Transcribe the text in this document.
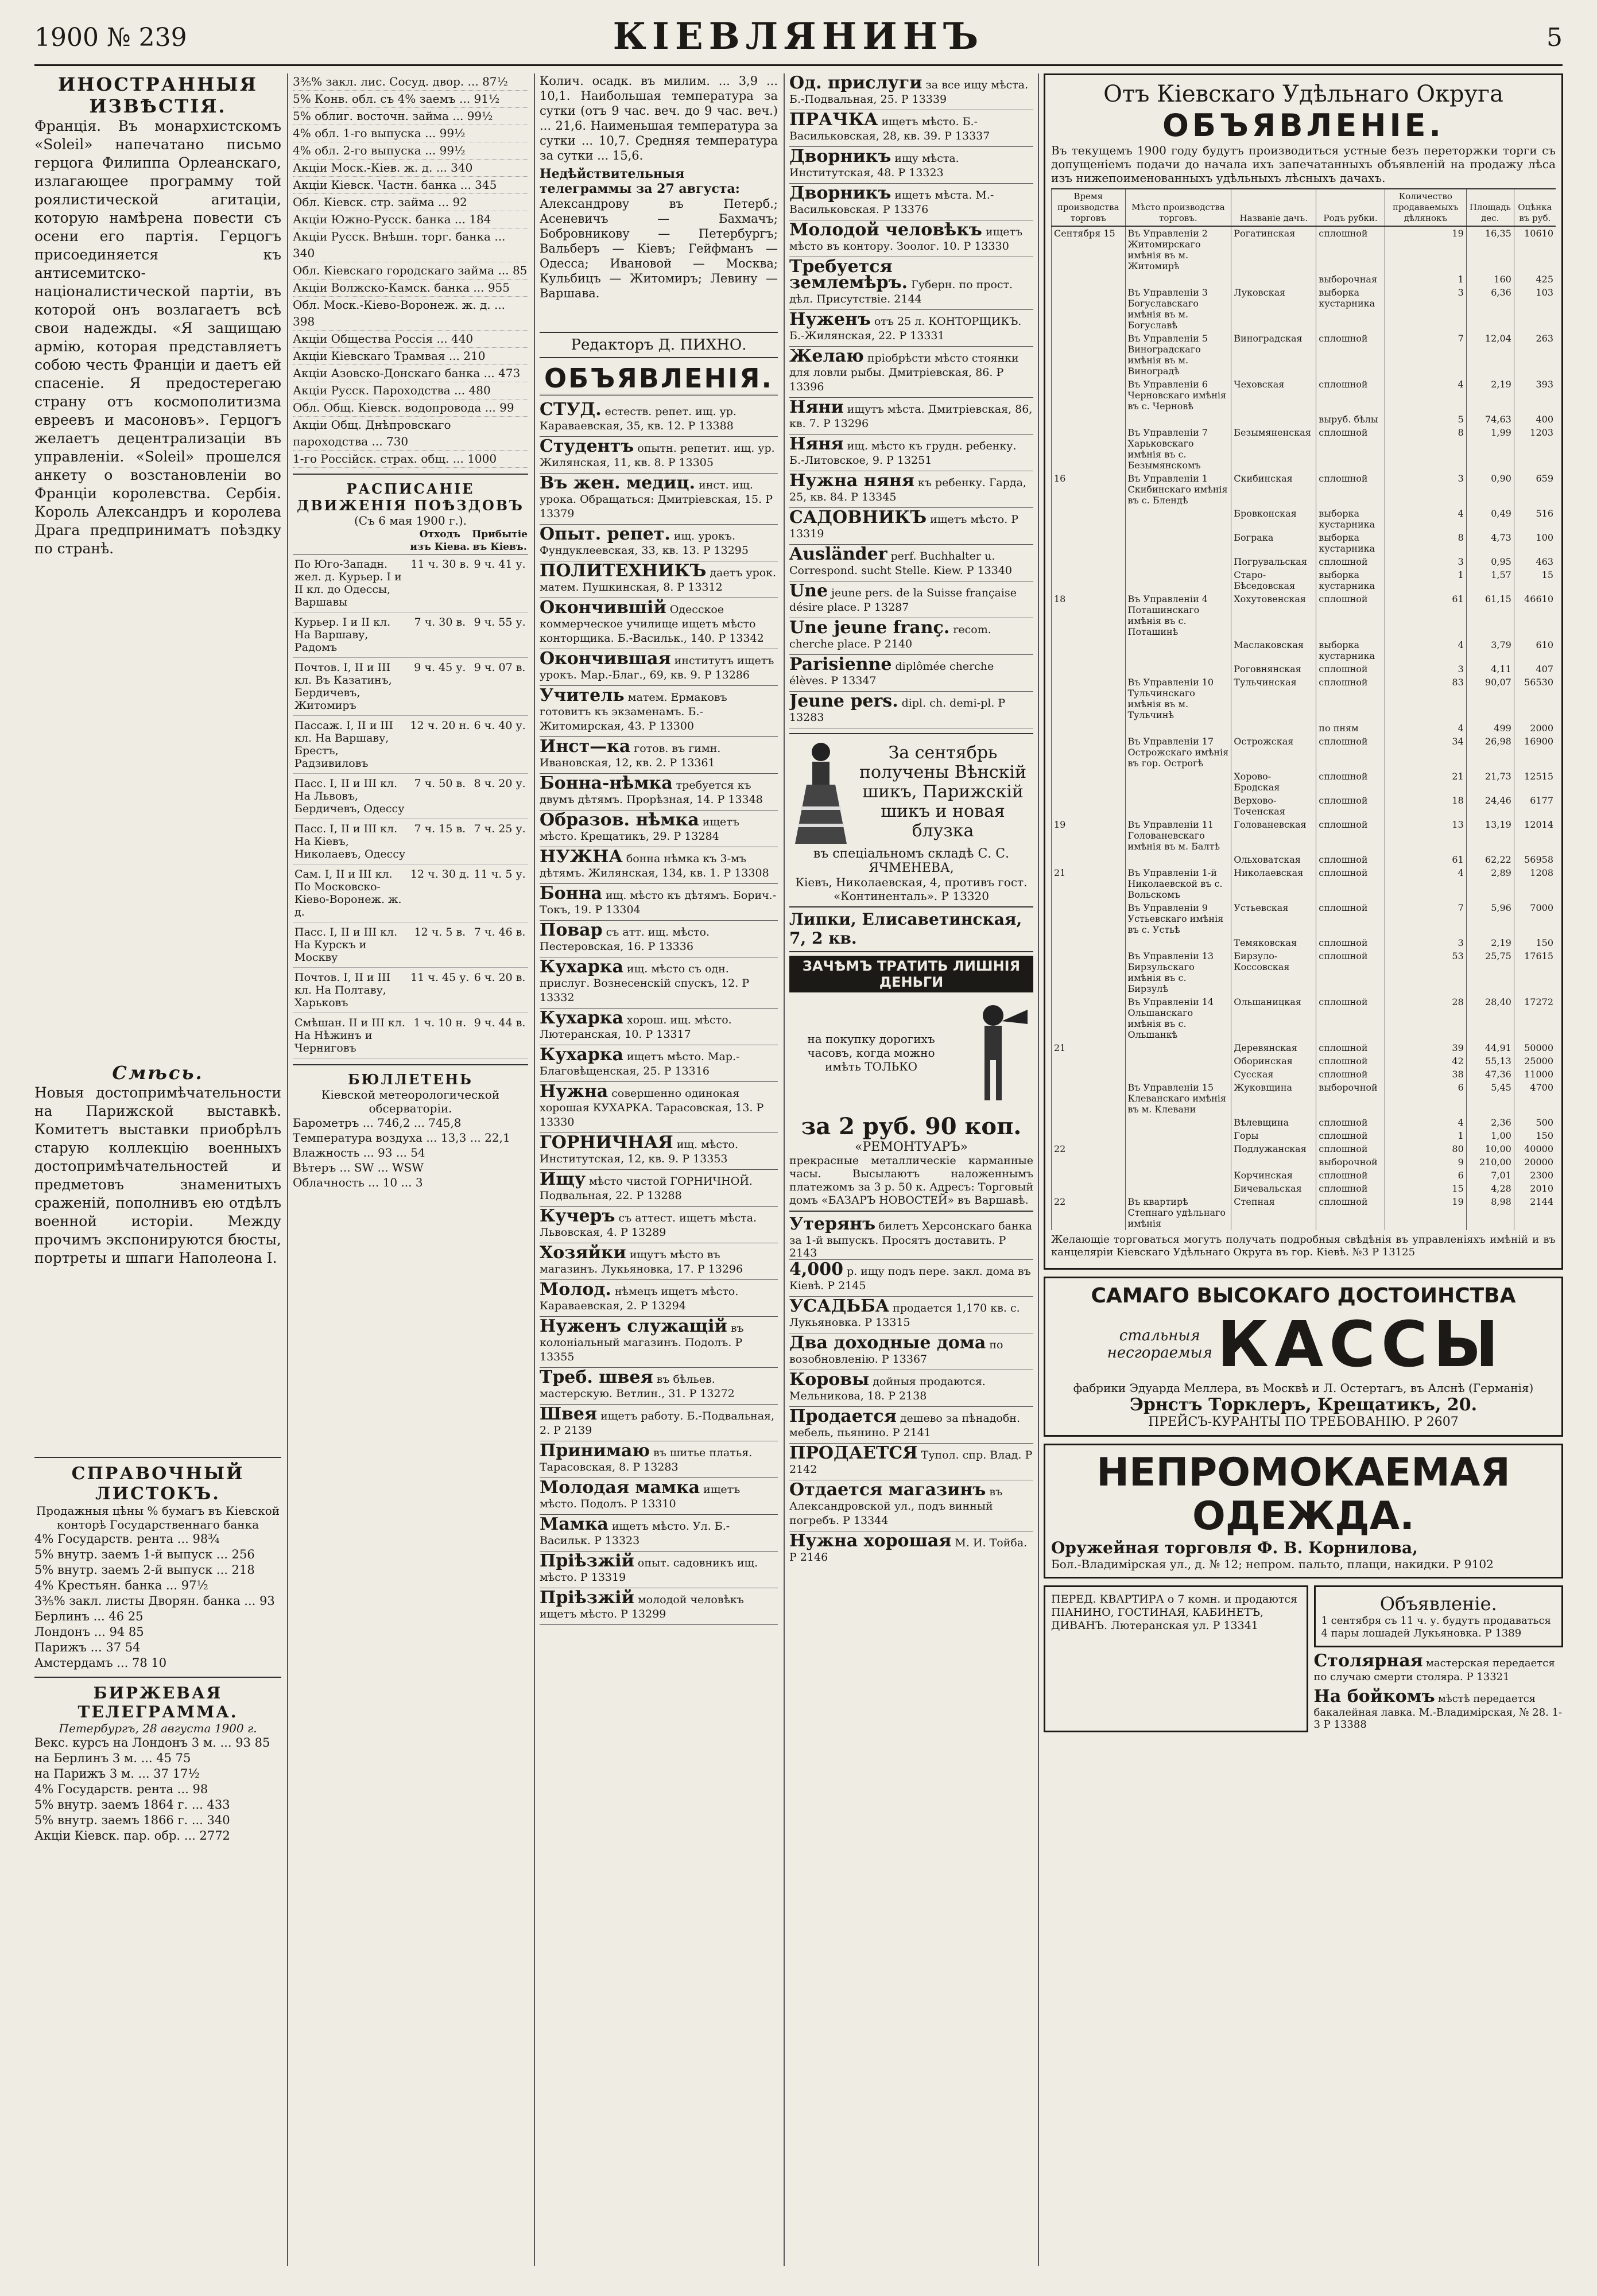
1900 № 239	КІЕВЛЯНИНЪ	5
ИНОСТРАННЫЯ ИЗВѢСТІЯ.

Франція. Въ монархистскомъ «Soleil» напечатано письмо герцога Филиппа Орлеанскаго, излагающее программу той роялистической агитаціи, которую намѣрена повести съ осени его партія. Герцогъ присоединяется къ антисемитско-націоналистической партіи, въ которой онъ возлагаетъ всѣ свои надежды. «Я защищаю армію, которая представляетъ собою честь Франціи и даетъ ей спасеніе. Я предостерегаю страну отъ космополитизма евреевъ и масоновъ». Герцогъ желаетъ децентрализаціи въ управленіи. «Soleil» прошелся анкету о возстановленіи во Франціи королевства. Сербія. Король Александръ и королева Драга предприниматъ поѣздку по странѣ.

Смѣсь.

Новыя достопримѣчательности на Парижской выставкѣ. Комитетъ выставки приобрѣлъ старую коллекцію военныхъ достопримѣчательностей и предметовъ знаменитыхъ сраженій, пополнивъ ею отдѣлъ военной исторіи. Между прочимъ экспонируются бюсты, портреты и шпаги Наполеона I.

СПРАВОЧНЫЙ ЛИСТОКЪ.
Продажныя цѣны % бумагъ въ Кіевской конторѣ Государственнаго банка
4% Государств. рента ... 98¾
5% внутр. заемъ 1-й выпуск ... 256
5% внутр. заемъ 2-й выпуск ... 218
4% Крестьян. банка ... 97½
3⅗% закл. листы Дворян. банка ... 93
Берлинъ ... 46 25
Лондонъ ... 94 85
Парижъ ... 37 54
Амстердамъ ... 78 10
БИРЖЕВАЯ ТЕЛЕГРАММА.
Петербургъ, 28 августа 1900 г.
Векс. курсъ на Лондонъ 3 м. ... 93 85
на Берлинъ 3 м. ... 45 75
на Парижъ 3 м. ... 37 17½
4% Государств. рента ... 98
5% внутр. заемъ 1864 г. ... 433
5% внутр. заемъ 1866 г. ... 340
Акціи Кіевск. пар. обр. ... 2772
3⅗% закл. лис. Сосуд. двор. ... 87½
5% Конв. обл. съ 4% заемъ ... 91½
5% облиг. восточн. займа ... 99½
4% обл. 1-го выпуска ... 99½
4% обл. 2-го выпуска ... 99½
Акціи Моск.-Кіев. ж. д. ... 340
Акціи Кіевск. Частн. банка ... 345
Обл. Кіевск. стр. займа ... 92
Акціи Южно-Русск. банка ... 184
Акціи Русск. Внѣшн. торг. банка ... 340
Обл. Кіевскаго городскаго займа ... 85
Акціи Волжско-Камск. банка ... 955
Обл. Моск.-Кіево-Воронеж. ж. д. ... 398
Акціи Общества Россія ... 440
Акціи Кіевскаго Трамвая ... 210
Акціи Азовско-Донскаго банка ... 473
Акціи Русск. Пароходства ... 480
Обл. Общ. Кіевск. водопровода ... 99
Акціи Общ. Днѣпровскаго пароходства ... 730
1-го Россійск. страх. общ. ... 1000
РАСПИСАНІЕ ДВИЖЕНІЯ ПОѢЗДОВЪ
(Съ 6 мая 1900 г.).
	Отходъ изъ Кіева.	Прибытіе въ Кіевъ.
По Юго-Западн. жел. д. Курьер. I и II кл. до Одессы, Варшавы	11 ч. 30 в.	9 ч. 41 у.
Курьер. I и II кл. На Варшаву, Радомъ	7 ч. 30 в.	9 ч. 55 у.
Почтов. I, II и III кл. Въ Казатинъ, Бердичевъ, Житомиръ	9 ч. 45 у.	9 ч. 07 в.
Пассаж. I, II и III кл. На Варшаву, Брестъ, Радзивиловъ	12 ч. 20 н.	6 ч. 40 у.
Пасс. I, II и III кл. На Львовъ, Бердичевъ, Одессу	7 ч. 50 в.	8 ч. 20 у.
Пасс. I, II и III кл. На Кіевъ, Николаевъ, Одессу	7 ч. 15 в.	7 ч. 25 у.
Сам. I, II и III кл. По Московско-Кіево-Воронеж. ж. д.	12 ч. 30 д.	11 ч. 5 у.
Пасс. I, II и III кл. На Курскъ и Москву	12 ч. 5 в.	7 ч. 46 в.
Почтов. I, II и III кл. На Полтаву, Харьковъ	11 ч. 45 у.	6 ч. 20 в.
Смѣшан. II и III кл. На Нѣжинъ и Черниговъ	1 ч. 10 н.	9 ч. 44 в.
БЮЛЛЕТЕНЬ
Кіевской метеорологической обсерваторіи.
Барометръ ... 746,2 ... 745,8
Температура воздуха ... 13,3 ... 22,1
Влажность ... 93 ... 54
Вѣтеръ ... SW ... WSW
Облачность ... 10 ... 3

Колич. осадк. въ милим. ... 3,9 ... 10,1. Наибольшая температура за сутки (отъ 9 час. веч. до 9 час. веч.) ... 21,6. Наименьшая температура за сутки ... 10,7. Средняя температура за сутки ... 15,6.

Недѣйствительныя телеграммы за 27 августа:

Александрову въ Петерб.; Асеневичъ — Бахмачъ; Бобровникову — Петербургъ; Вальберъ — Кіевъ; Гейфманъ — Одесса; Ивановой — Москва; Кульбицъ — Житомиръ; Левину — Варшава.

Редакторъ Д. ПИХНО.
ОБЪЯВЛЕНІЯ.
СТУД. естеств. репет. ищ. ур. Караваевская, 35, кв. 12. Р 13388
Студентъ опытн. репетит. ищ. ур. Жилянская, 11, кв. 8. Р 13305
Въ жен. медиц. инст. ищ. урока. Обращаться: Дмитріевская, 15. Р 13379
Опыт. репет. ищ. урокъ. Фундуклеевская, 33, кв. 13. Р 13295
ПОЛИТЕХНИКЪ даетъ урок. матем. Пушкинская, 8. Р 13312
Окончившій Одесское коммерческое училище ищетъ мѣсто конторщика. Б.-Васильк., 140. Р 13342
Окончившая институтъ ищетъ урокъ. Мар.-Благ., 69, кв. 9. Р 13286
Учитель матем. Ермаковъ готовитъ къ экзаменамъ. Б.-Житомирская, 43. Р 13300
Инст—ка готов. въ гимн. Ивановская, 12, кв. 2. Р 13361
Бонна-нѣмка требуется къ двумъ дѣтямъ. Прорѣзная, 14. Р 13348
Образов. нѣмка ищетъ мѣсто. Крещатикъ, 29. Р 13284
НУЖНА бонна нѣмка къ 3-мъ дѣтямъ. Жилянская, 134, кв. 1. Р 13308
Бонна ищ. мѣсто къ дѣтямъ. Борич.-Токъ, 19. Р 13304
Повар съ атт. ищ. мѣсто. Пестеровская, 16. Р 13336
Кухарка ищ. мѣсто съ одн. прислуг. Вознесенскій спускъ, 12. Р 13332
Кухарка хорош. ищ. мѣсто. Лютеранская, 10. Р 13317
Кухарка ищетъ мѣсто. Мар.-Благовѣщенская, 25. Р 13316
Нужна совершенно одинокая хорошая КУХАРКА. Тарасовская, 13. Р 13330
ГОРНИЧНАЯ ищ. мѣсто. Институтская, 12, кв. 9. Р 13353
Ищу мѣсто чистой ГОРНИЧНОЙ. Подвальная, 22. Р 13288
Кучеръ съ аттест. ищетъ мѣста. Львовская, 4. Р 13289
Хозяйки ищутъ мѣсто въ магазинъ. Лукьяновка, 17. Р 13296
Молод. нѣмецъ ищетъ мѣсто. Караваевская, 2. Р 13294
Нуженъ служащій въ колоніальный магазинъ. Подолъ. Р 13355
Треб. швея въ бѣльев. мастерскую. Ветлин., 31. Р 13272
Швея ищетъ работу. Б.-Подвальная, 2. Р 2139
Принимаю въ шитье платья. Тарасовская, 8. Р 13283
Молодая мамка ищетъ мѣсто. Подолъ. Р 13310
Мамка ищетъ мѣсто. Ул. Б.-Васильк. Р 13323
Пріѣзжій опыт. садовникъ ищ. мѣсто. Р 13319
Пріѣзжій молодой человѣкъ ищетъ мѣсто. Р 13299
Од. прислуги за все ищу мѣста. Б.-Подвальная, 25. Р 13339
ПРАЧКА ищетъ мѣсто. Б.-Васильковская, 28, кв. 39. Р 13337
Дворникъ ищу мѣста. Институтская, 48. Р 13323
Дворникъ ищетъ мѣста. М.-Васильковская. Р 13376
Молодой человѣкъ ищетъ мѣсто въ контору. Зоолог. 10. Р 13330
Требуется землемѣръ. Губерн. по прост. дѣл. Присутствіе. 2144
Нуженъ отъ 25 л. КОНТОРЩИКЪ. Б.-Жилянская, 22. Р 13331
Желаю пріобрѣсти мѣсто стоянки для ловли рыбы. Дмитріевская, 86. Р 13396
Няни ищутъ мѣста. Дмитріевская, 86, кв. 7. Р 13296
Няня ищ. мѣсто къ грудн. ребенку. Б.-Литовское, 9. Р 13251
Нужна няня къ ребенку. Гарда, 25, кв. 84. Р 13345
САДОВНИКЪ ищетъ мѣсто. Р 13319
Ausländer perf. Buchhalter u. Correspond. sucht Stelle. Kiew. Р 13340
Une jeune pers. de la Suisse française désire place. Р 13287
Une jeune franç. recom. cherche place. Р 2140
Parisienne diplômée cherche élèves. Р 13347
Jeune pers. dipl. ch. demi-pl. Р 13283
За сентябрь получены Вѣнскій шикъ, Парижскій шикъ и новая блузка
въ спеціальномъ складѣ С. С. ЯЧМЕНЕВА,
Кіевъ, Николаевская, 4, противъ гост. «Континенталь». Р 13320
Липки, Елисаветинская, 7, 2 кв.
ЗАЧѢМЪ ТРАТИТЬ ЛИШНІЯ ДЕНЬГИ
на покупку дорогихъ часовъ, когда можно имѣть ТОЛЬКО
за 2 руб. 90 коп.
«РЕМОНТУАРЪ»
прекрасные металлическіе карманные часы. Высылаютъ наложеннымъ платежомъ за 3 р. 50 к. Адресъ: Торговый домъ «БАЗАРЪ НОВОСТЕЙ» въ Варшавѣ.
Утерянъ билетъ Херсонскаго банка за 1-й выпускъ. Просятъ доставить. Р 2143
4,000 р. ищу подъ пере. закл. дома въ Кіевѣ. Р 2145
УСАДЬБА продается 1,170 кв. с. Лукьяновка. Р 13315
Два доходные дома по возобновленію. Р 13367
Коровы дойныя продаются. Мельникова, 18. Р 2138
Продается дешево за пѣнадобн. мебель, пьянино. Р 2141
ПРОДАЕТСЯ Тупол. спр. Влад. Р 2142
Отдается магазинъ въ Александровской ул., подъ винный погребъ. Р 13344
Нужна хорошая М. И. Тойба. Р 2146
Отъ Кіевскаго Удѣльнаго Округа
ОБЪЯВЛЕНІЕ.

Въ текущемъ 1900 году будутъ производиться устные безъ переторжки торги съ допущеніемъ подачи до начала ихъ запечатанныхъ объявленій на продажу лѣса изъ нижепоименованныхъ удѣльныхъ лѣсныхъ дачахъ.

Время производства торговъ	Мѣсто производства торговъ.	Названіе дачъ.	Родъ рубки.	Количество продаваемыхъ дѣлянокъ	Площадь дес.	Оцѣнка въ руб.
Сентября 15	Въ Управленіи 2 Житомирскаго имѣнія въ м. Житомирѣ	Рогатинская	сплошной	19	16,35	10610
			выборочная	1	160	425
	Въ Управленіи 3 Богуславскаго имѣнія въ м. Богуславѣ	Луковская	выборка кустарника	3	6,36	103
	Въ Управленіи 5 Виноградскаго имѣнія въ м. Виноградѣ	Виноградская	сплошной	7	12,04	263
	Въ Управленіи 6 Черновскаго имѣнія въ с. Черновѣ	Чеховская	сплошной	4	2,19	393
			выруб. бѣлы	5	74,63	400
	Въ Управленіи 7 Харьковскаго имѣнія въ с. Безымянскомъ	Безымяненская	сплошной	8	1,99	1203
16	Въ Управленіи 1 Скибинскаго имѣнія въ с. Блендѣ	Скибинская	сплошной	3	0,90	659
		Бровконская	выборка кустарника	4	0,49	516
		Бограка	выборка кустарника	8	4,73	100
		Погрувальская	сплошной	3	0,95	463
		Старо-Бѣседовская	выборка кустарника	1	1,57	15
18	Въ Управленіи 4 Поташинскаго имѣнія въ с. Поташинѣ	Хохутовенская	сплошной	61	61,15	46610
		Маслаковская	выборка кустарника	4	3,79	610
		Роговнянская	сплошной	3	4,11	407
	Въ Управленіи 10 Тульчинскаго имѣнія въ м. Тульчинѣ	Тульчинская	сплошной	83	90,07	56530
			по пням	4	499	2000
	Въ Управленіи 17 Острожскаго имѣнія въ гор. Острогѣ	Острожская	сплошной	34	26,98	16900
		Хорово-Бродская	сплошной	21	21,73	12515
		Верхово-Точенская	сплошной	18	24,46	6177
19	Въ Управленіи 11 Голованевскаго имѣнія въ м. Балтѣ	Голованевская	сплошной	13	13,19	12014
		Ольховатская	сплошной	61	62,22	56958
21	Въ Управленіи 1-й Николаевской въ с. Вольскомъ	Николаевская	сплошной	4	2,89	1208
	Въ Управленіи 9 Устьевскаго имѣнія въ с. Устьѣ	Устьевская	сплошной	7	5,96	7000
		Темяковская	сплошной	3	2,19	150
	Въ Управленіи 13 Бирзульскаго имѣнія въ с. Бирзулѣ	Бирзуло-Коссовская	сплошной	53	25,75	17615
	Въ Управленіи 14 Ольшанскаго имѣнія въ с. Ольшанкѣ	Ольшаницкая	сплошной	28	28,40	17272
21		Деревянская	сплошной	39	44,91	50000
		Оборинская	сплошной	42	55,13	25000
		Сусская	сплошной	38	47,36	11000
	Въ Управленіи 15 Клеванскаго имѣнія въ м. Клевани	Жуковщина	выборочной	6	5,45	4700
		Вѣлевщина	сплошной	4	2,36	500
		Горы	сплошной	1	1,00	150
22		Подлужанская	сплошной	80	10,00	40000
			выборочной	9	210,00	20000
		Корчинская	сплошной	6	7,01	2300
		Бичевальская	сплошной	15	4,28	2010
22	Въ квартирѣ Степнаго удѣльнаго имѣнія	Степная	сплошной	19	8,98	2144

Желающіе торговаться могутъ получать подробныя свѣдѣнія въ управленіяхъ имѣній и въ канцеляріи Кіевскаго Удѣльнаго Округа въ гор. Кіевѣ. №3 Р 13125

САМАГО ВЫСОКАГО ДОСТОИНСТВА
стальныя несгораемыя КАССЫ
фабрики Эдуарда Меллера, въ Москвѣ и Л. Остертагъ, въ Алснѣ (Германія)
Эрнстъ Торклеръ, Крещатикъ, 20.
ПРЕЙСЪ-КУРАНТЫ ПО ТРЕБОВАНІЮ. Р 2607
НЕПРОМОКАЕМАЯ ОДЕЖДА.
Оружейная торговля Ф. В. Корнилова,
Бол.-Владимірская ул., д. № 12; непром. пальто, плащи, накидки. Р 9102
ПЕРЕД. КВАРТИРА о 7 комн. и продаются ПІАНИНО, ГОСТИНАЯ, КАБИНЕТЪ, ДИВАНЪ. Лютеранская ул. Р 13341
Объявленіе.
1 сентября съ 11 ч. у. будутъ продаваться 4 пары лошадей Лукьяновка. Р 1389
Столярная мастерская передается по случаю смерти столяра. Р 13321
На бойкомъ мѣстѣ передается бакалейная лавка. М.-Владимірская, № 28. 1-3 Р 13388
